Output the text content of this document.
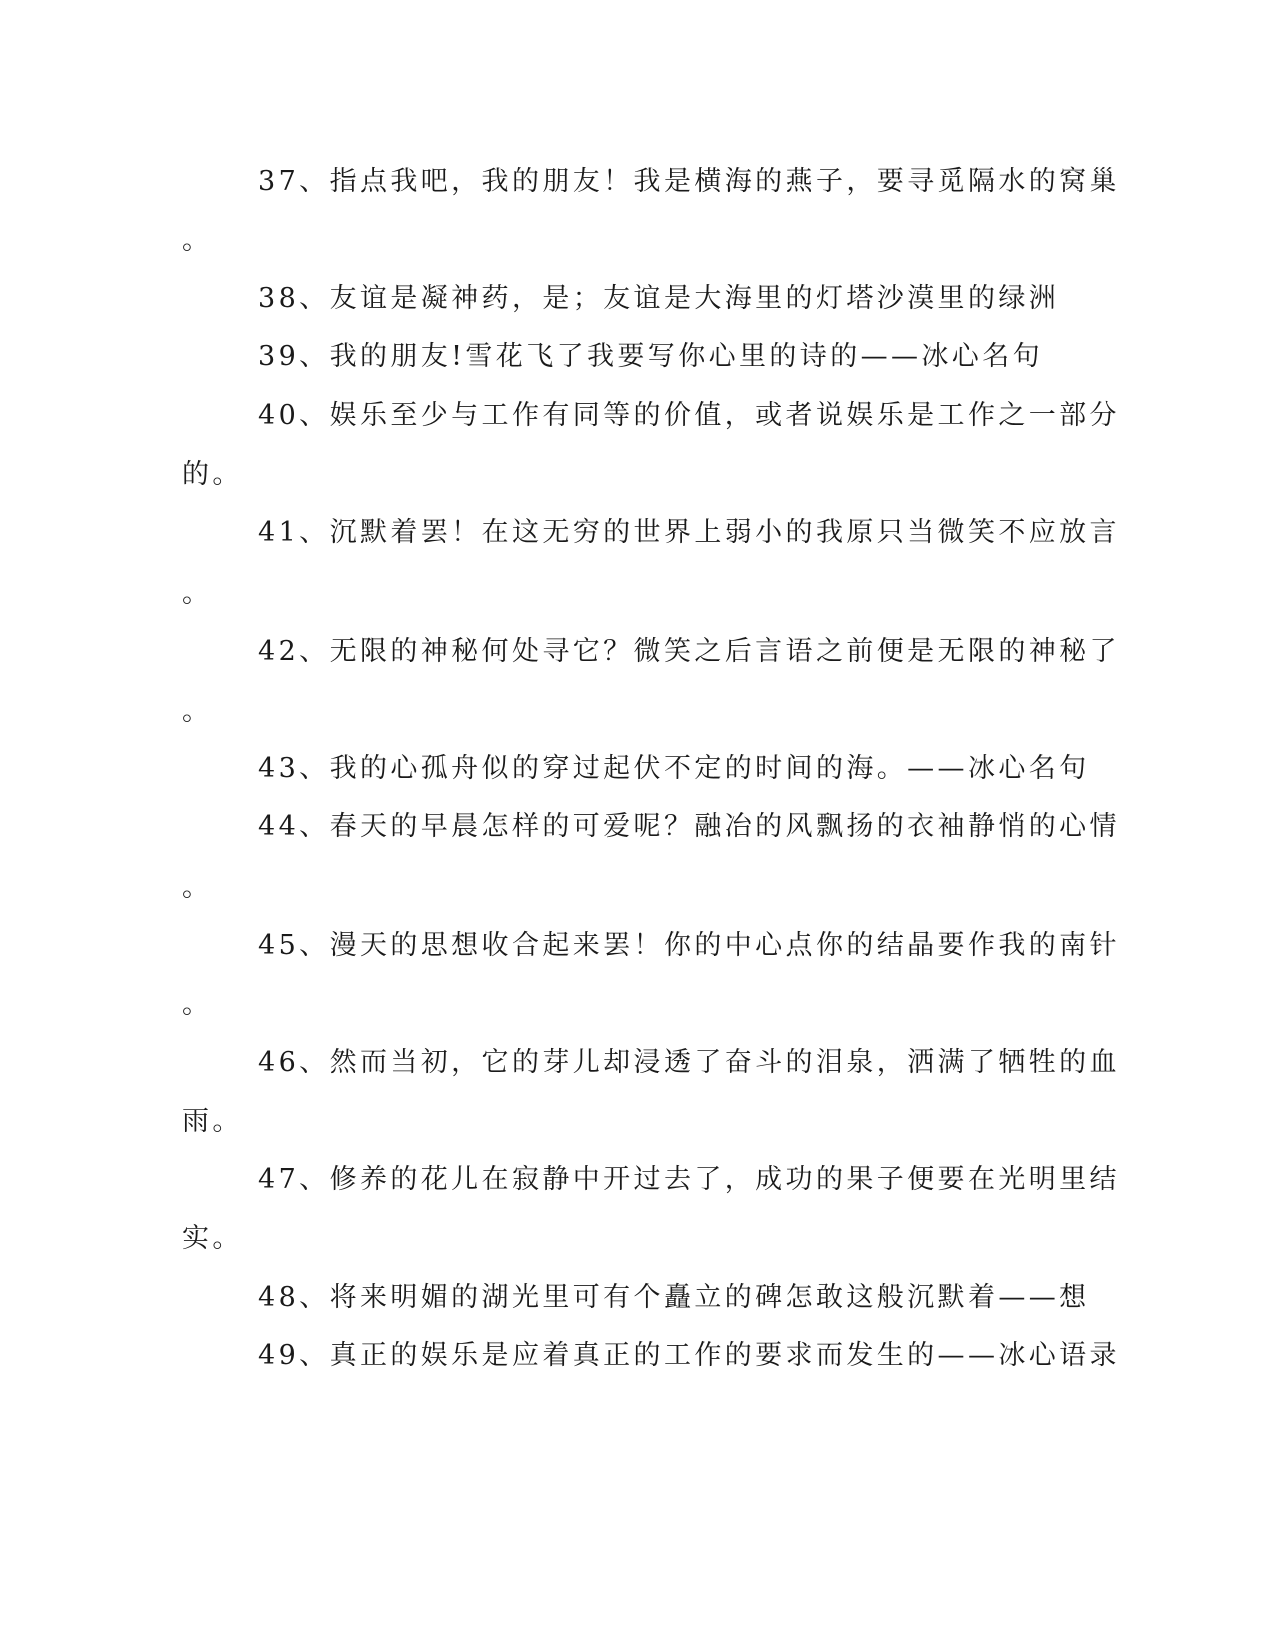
37、指点我吧，我的朋友！我是横海的燕子，要寻觅隔水的窝巢
。
38、友谊是凝神药，是；友谊是大海里的灯塔沙漠里的绿洲
39、我的朋友!雪花飞了我要写你心里的诗的——冰心名句
40、娱乐至少与工作有同等的价值，或者说娱乐是工作之一部分
的。
41、沉默着罢！在这无穷的世界上弱小的我原只当微笑不应放言
。
42、无限的神秘何处寻它？微笑之后言语之前便是无限的神秘了
。
43、我的心孤舟似的穿过起伏不定的时间的海。——冰心名句
44、春天的早晨怎样的可爱呢？融冶的风飘扬的衣袖静悄的心情
。
45、漫天的思想收合起来罢！你的中心点你的结晶要作我的南针
。
46、然而当初，它的芽儿却浸透了奋斗的泪泉，洒满了牺牲的血
雨。
47、修养的花儿在寂静中开过去了，成功的果子便要在光明里结
实。
48、将来明媚的湖光里可有个矗立的碑怎敢这般沉默着——想
49、真正的娱乐是应着真正的工作的要求而发生的——冰心语录
